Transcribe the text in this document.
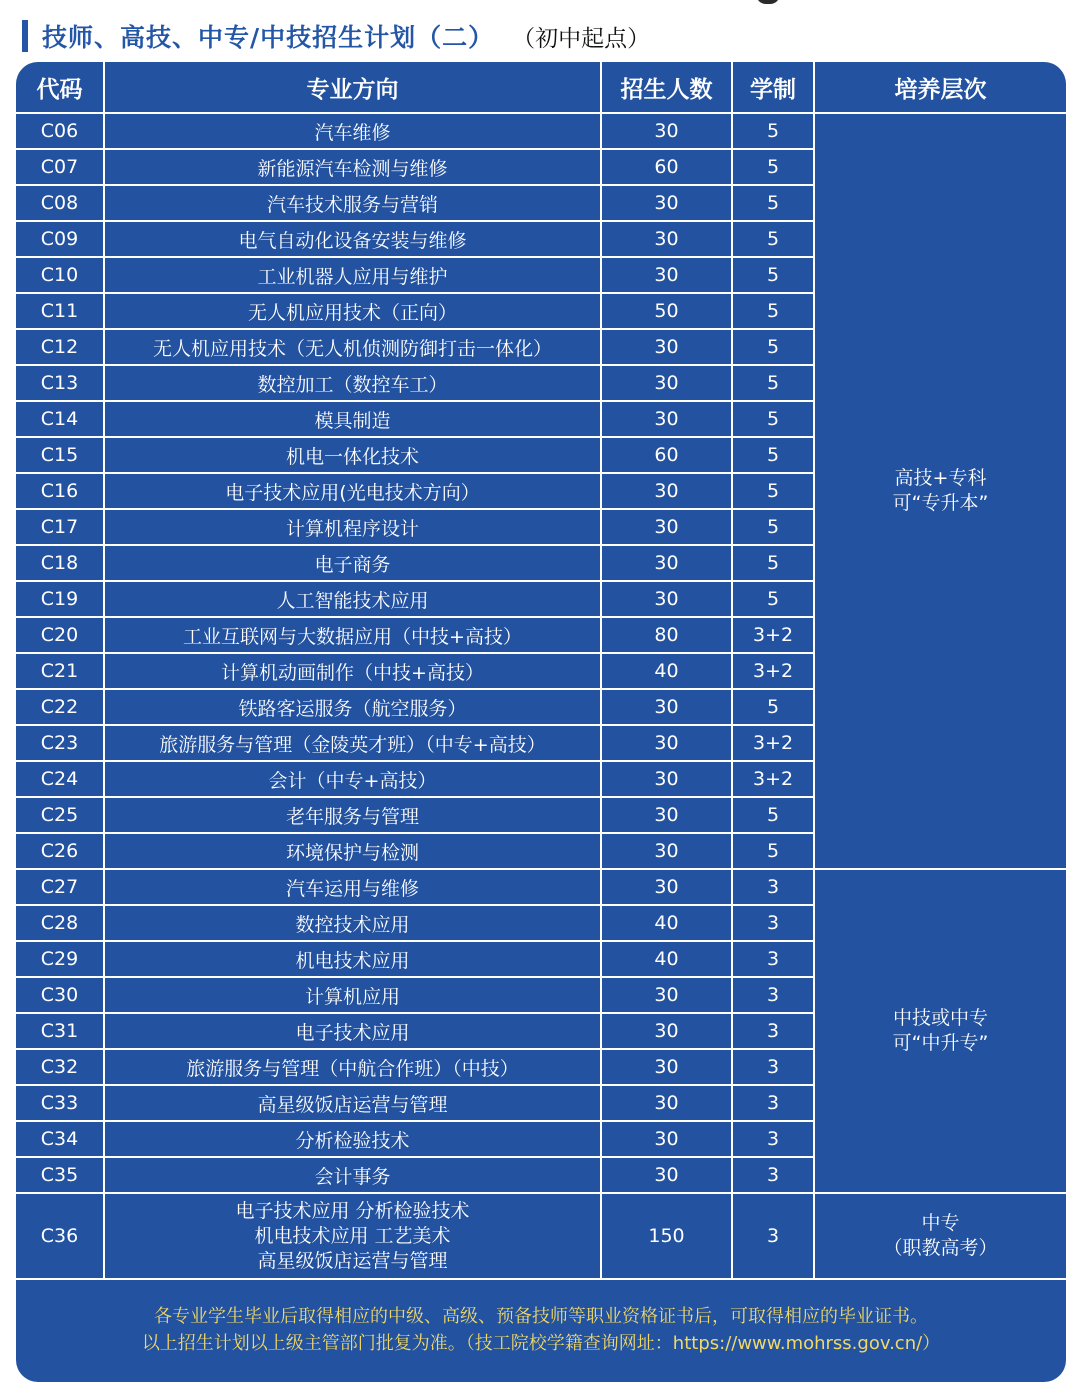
技师、高技、中专/中技招生计划（二） （初中起点）
代码	专业方向	招生人数	学制	培养层次
C06	汽车维修	30	5	高技+专科
可“专升本”

C07	新能源汽车检测与维修	60	5	
C08	汽车技术服务与营销	30	5	
C09	电气自动化设备安装与维修	30	5	
C10	工业机器人应用与维护	30	5	
C11	无人机应用技术（正向）	50	5	
C12	无人机应用技术（无人机侦测防御打击一体化）	30	5	
C13	数控加工（数控车工）	30	5	
C14	模具制造	30	5	
C15	机电一体化技术	60	5	
C16	电子技术应用(光电技术方向）	30	5	
C17	计算机程序设计	30	5	
C18	电子商务	30	5	
C19	人工智能技术应用	30	5	
C20	工业互联网与大数据应用（中技+高技）	80	3+2	
C21	计算机动画制作（中技+高技）	40	3+2	
C22	铁路客运服务（航空服务）	30	5	
C23	旅游服务与管理（金陵英才班）（中专+高技）	30	3+2	
C24	会计（中专+高技）	30	3+2	
C25	老年服务与管理	30	5	
C26	环境保护与检测	30	5	
C27	汽车运用与维修	30	3	中技或中专
可“中升专”

C28	数控技术应用	40	3	
C29	机电技术应用	40	3	
C30	计算机应用	30	3	
C31	电子技术应用	30	3	
C32	旅游服务与管理（中航合作班）（中技）	30	3	
C33	高星级饭店运营与管理	30	3	
C34	分析检验技术	30	3	
C35	会计事务	30	3	
C36	电子技术应用 分析检验技术
机电技术应用 工艺美术
高星级饭店运营与管理	150	3	中专
（职教高考）
各专业学生毕业后取得相应的中级、高级、预备技师等职业资格证书后，可取得相应的毕业证书。
以上招生计划以上级主管部门批复为准。（技工院校学籍查询网址：https://www.mohrss.gov.cn/）
